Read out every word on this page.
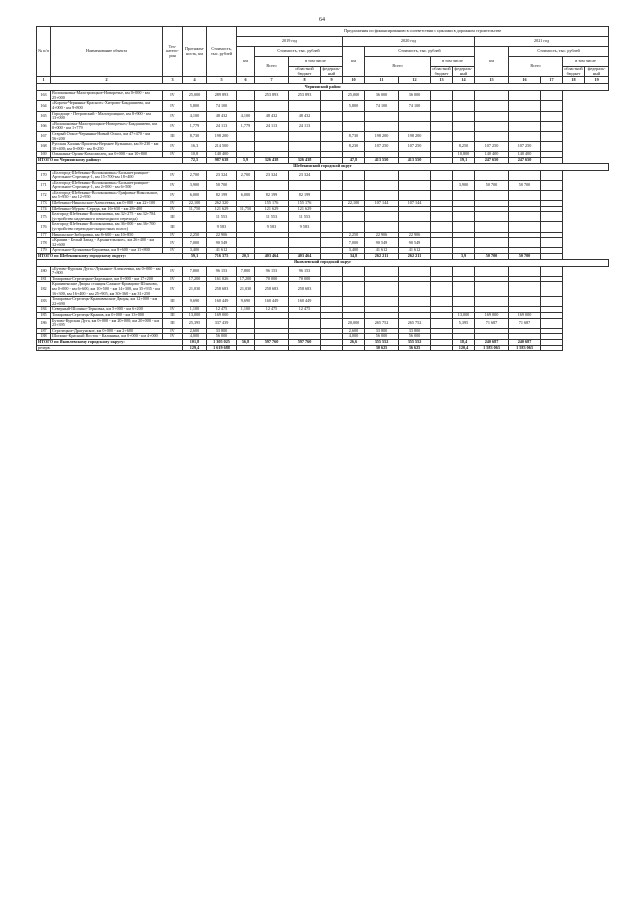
64
№ п/п	Наименование объекта	Тех- катего- рия	Протяжен- ность, км	Стоимость, тыс. рублей	Предложения по финансированию в соответствии с циклами в дорожном строительстве													
					2019 год				2020 год					2021 год				
					км	Стоимость, тыс. рублей			км	Стоимость, тыс. рублей				км	Стоимость, тыс. рублей			
						Всего	в том числе			Всего		в том числе			Всего		в том числе	
							областной бюджет	федераль- ный				областной бюджет	федераль- ный				областной бюджет	федераль- ный
1	2	3	4	5	6	7	8	9	10	11	12	13	14	15	16	17	18	19
Чернянский район																		
163	Волоконовка-Малотроицкое-Новоречье, км 0+000 - км 25+000	IV	25,000	289 893		253 893	253 893		25,000	36 000	36 000							
164	«Короча-Чернянка-Красное»-Хитрово-Бакдашиево, км 4+000 - км 9+800	IV	5,800	74 100					5,800	74 100	74 100							
165	Городище - Петровский - Малотроицкое, км 8+900 - км 13+000	IV	4,100	48 432	4,100	48 432	48 432											
166	«Волоконовка-Малотроицкое-Новоречье»-Бакдашиево, км 0+000 - км 1+779	IV	1,779	24 113	1,779	24 113	24 113											
167	Старый Оскол-Чернянка-Новый Оскол, км 47+470 - км 56+200	III	8,730	198 200					8,730	198 200	198 200							
168	Русская Халань-Прилепы-Верхнее Кузькино, км 8+230 - км 10+400; км 0+000 - км 8+250	IV	16,3	214 500					8,230	107 250	107 250		8,250	107 250	107 250			
169	Ольшанка-Орлик-Комсомолец, км 0+000 - км 10+800	IV	10,8	140 400									10,800	140 400	140 400			
ИТОГО по Чернянскому району:			72,5	987 638	5,9	326 438	326 438		47,8	413 550	413 550		19,1	247 650	247 650			
Шебекинский городской округ																		
170	«Белгород-Шебекино-Волоконовка»-Большетроицкое-Артельное-Стрелица-1, км 15+700-км 18+400	IV	2,700	23 324	2,700	23 324	23 324											
171	«Белгород-Шебекино-Волоконовка»-Большетроицкое-Артельное-Стрелица-1, км 2+000 - км 6+500	IV	3,900	50 700									3,900	50 700	50 700			
172	«Белгород-Шебекино-Волоконовка»-Графовка-Никольское, км 5+950 - км 12+950	IV	6,000	82 199	6,000	82 199	82 199											
173	Шебекино-Никольское-Ал​ексеевка, км 0+000 - км 22+100	IV	22,100	262 320		155 176	155 176		22,100	107 144	107 144							
174	Шебекино-Муром -Середа, км 16+650 - км 28+400	IV	11,750	121 629	11,750	121 629	121 629											
175	Белгород-Шебекино-Волоконовка, км 32+275 - км 32+784 (устройство надземного пешеходного перехода)	III		11 553		11 553	11 553											
176	Белгород-Шебекино-Волоконовка, км 36+000 - км 36+700 (устройство переходно-скоростных полос)	III		9 583		9 583	9 583											
177	Никольское-Зиборовка, км 8+600 - км 10+850	IV	2,250	22 906					2,250	22 906	22 906							
178	«Крапив - Белый Запад - Архангельское», км 26+400 - км 32+600	IV	7,000	90 549					7,000	90 549	90 549							
179	Артельное-Булановка-Бершевка, км 8+600 - км 11+800	IV	3,400	41 612					3,400	41 612	41 612							
ИТОГО по Шебекинскому городскому округу:			59,1	716 375	20,5	403 464	403 464		34,8	262 211	262 211		3,9	50 700	50 700			
Яковлевский городской округ																		
180	«Бутово-Курская Дуга»-Лукьяное-Алексеевка, км 0+000 - км 7+800	IV	7,800	96 153	7,800	96 153	96 153											
181	Томаровка-Стрелецкое-Задельное, км 0+000 - км 17+200	IV	17,200	161 026	17,200	70 000	70 000											
182	Крапивенские Дворы станция Сажное-Кривцово-Шляхово, км 0+000 - км 6+600, км 10+500 - км 14+300, км 35+935 - км 16+300, км 16+400 - км 25+905, км 30+360 - км 31+250	IV	21,030	258 683	21,030	258 683	258 683											
183	Томаровка-Стрелецк-Крапивенские Дворы, км 12+000 - км 22+690	III	9,690	160 449	9,690	160 449	160 449											
184	Северный-Шопино-Терновка, км 5+000 - км 6+200	IV	1,100	12 475	1,100	12 475	12 475											
185	Томаровка-Стрелецк-Крапив, км 0+000 - км 13+000	III	13,000	169 000									13,000	169 000	169 000			
186	Бутово-Курская Дуга, км 0+000 - км 20+000; км 20+000 - км 25+395	III	25,395	337 439					20,000	265 752	265 752		5,395	71 687	71 687			
187	Стрелецкое-Драгунское, км 0+000 - км 2+600	IV	2,600	33 800					2,600	33 800	33 800							
188	Шопино-Красный Восток - Калинина, км 0+000 - км 4+000	IV	4,000	56 000					4,000	56 000	56 000							
ИТОГО по Яковлевскому городскому округу:			101,8	1 305 025	56,8	597 760	597 760		26,6	355 552	355 552		18,4	240 687	240 687			
резерв			129,4	1 619 688						30 625	36 625		120,4	1 583 063	1 583 063			
